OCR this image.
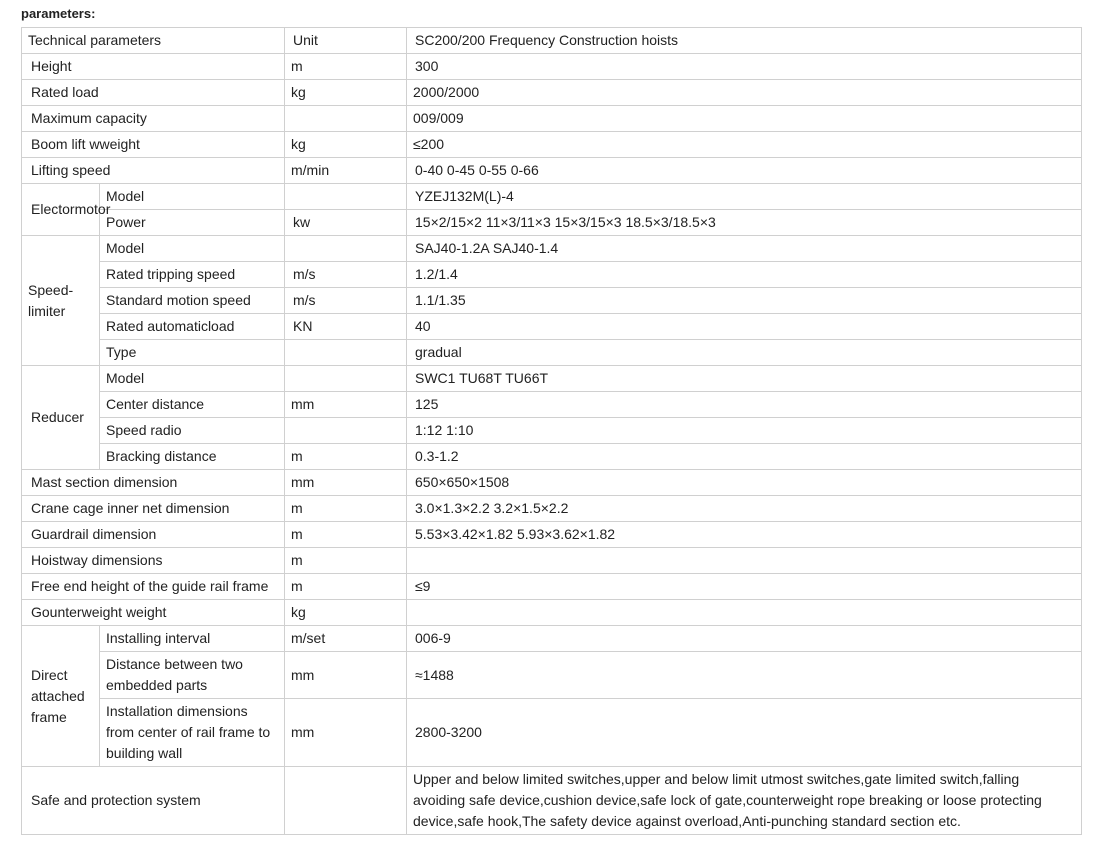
parameters:
Technical parameters		Unit	SC200/200 Frequency Construction hoists
Height		m	300
Rated load		kg	2000/2000
Maximum capacity			009/009
Boom lift wweight		kg	≤200
Lifting speed		m/min	0-40 0-45 0-55 0-66
Electormotor	Model		YZEJ132M(L)-4
	Power	kw	15×2/15×2 11×3/11×3 15×3/15×3 18.5×3/18.5×3
Speed-limiter	Model		SAJ40-1.2A SAJ40-1.4
	Rated tripping speed	m/s	1.2/1.4
	Standard motion speed	m/s	1.1/1.35
	Rated automaticload	KN	40
	Type		gradual
Reducer	Model		SWC1 TU68T TU66T
	Center distance	mm	125
	Speed radio		1:12 1:10
	Bracking distance	m	0.3-1.2
Mast section dimension		mm	650×650×1508
Crane cage inner net dimension		m	3.0×1.3×2.2 3.2×1.5×2.2
Guardrail dimension		m	5.53×3.42×1.82 5.93×3.62×1.82
Hoistway dimensions		m	
Free end height of the guide rail frame		m	≤9
Gounterweight weight		kg	
Direct attached frame	Installing interval	m/set	006-9
	Distance between two embedded parts	mm	≈1488
	Installation dimensions from center of rail frame to building wall	mm	2800-3200
Safe and protection system			Upper and below limited switches,upper and below limit utmost switches,gate limited switch,falling avoiding safe device,cushion device,safe lock of gate,counterweight rope breaking or loose protecting device,safe hook,The safety device against overload,Anti-punching standard section etc.
